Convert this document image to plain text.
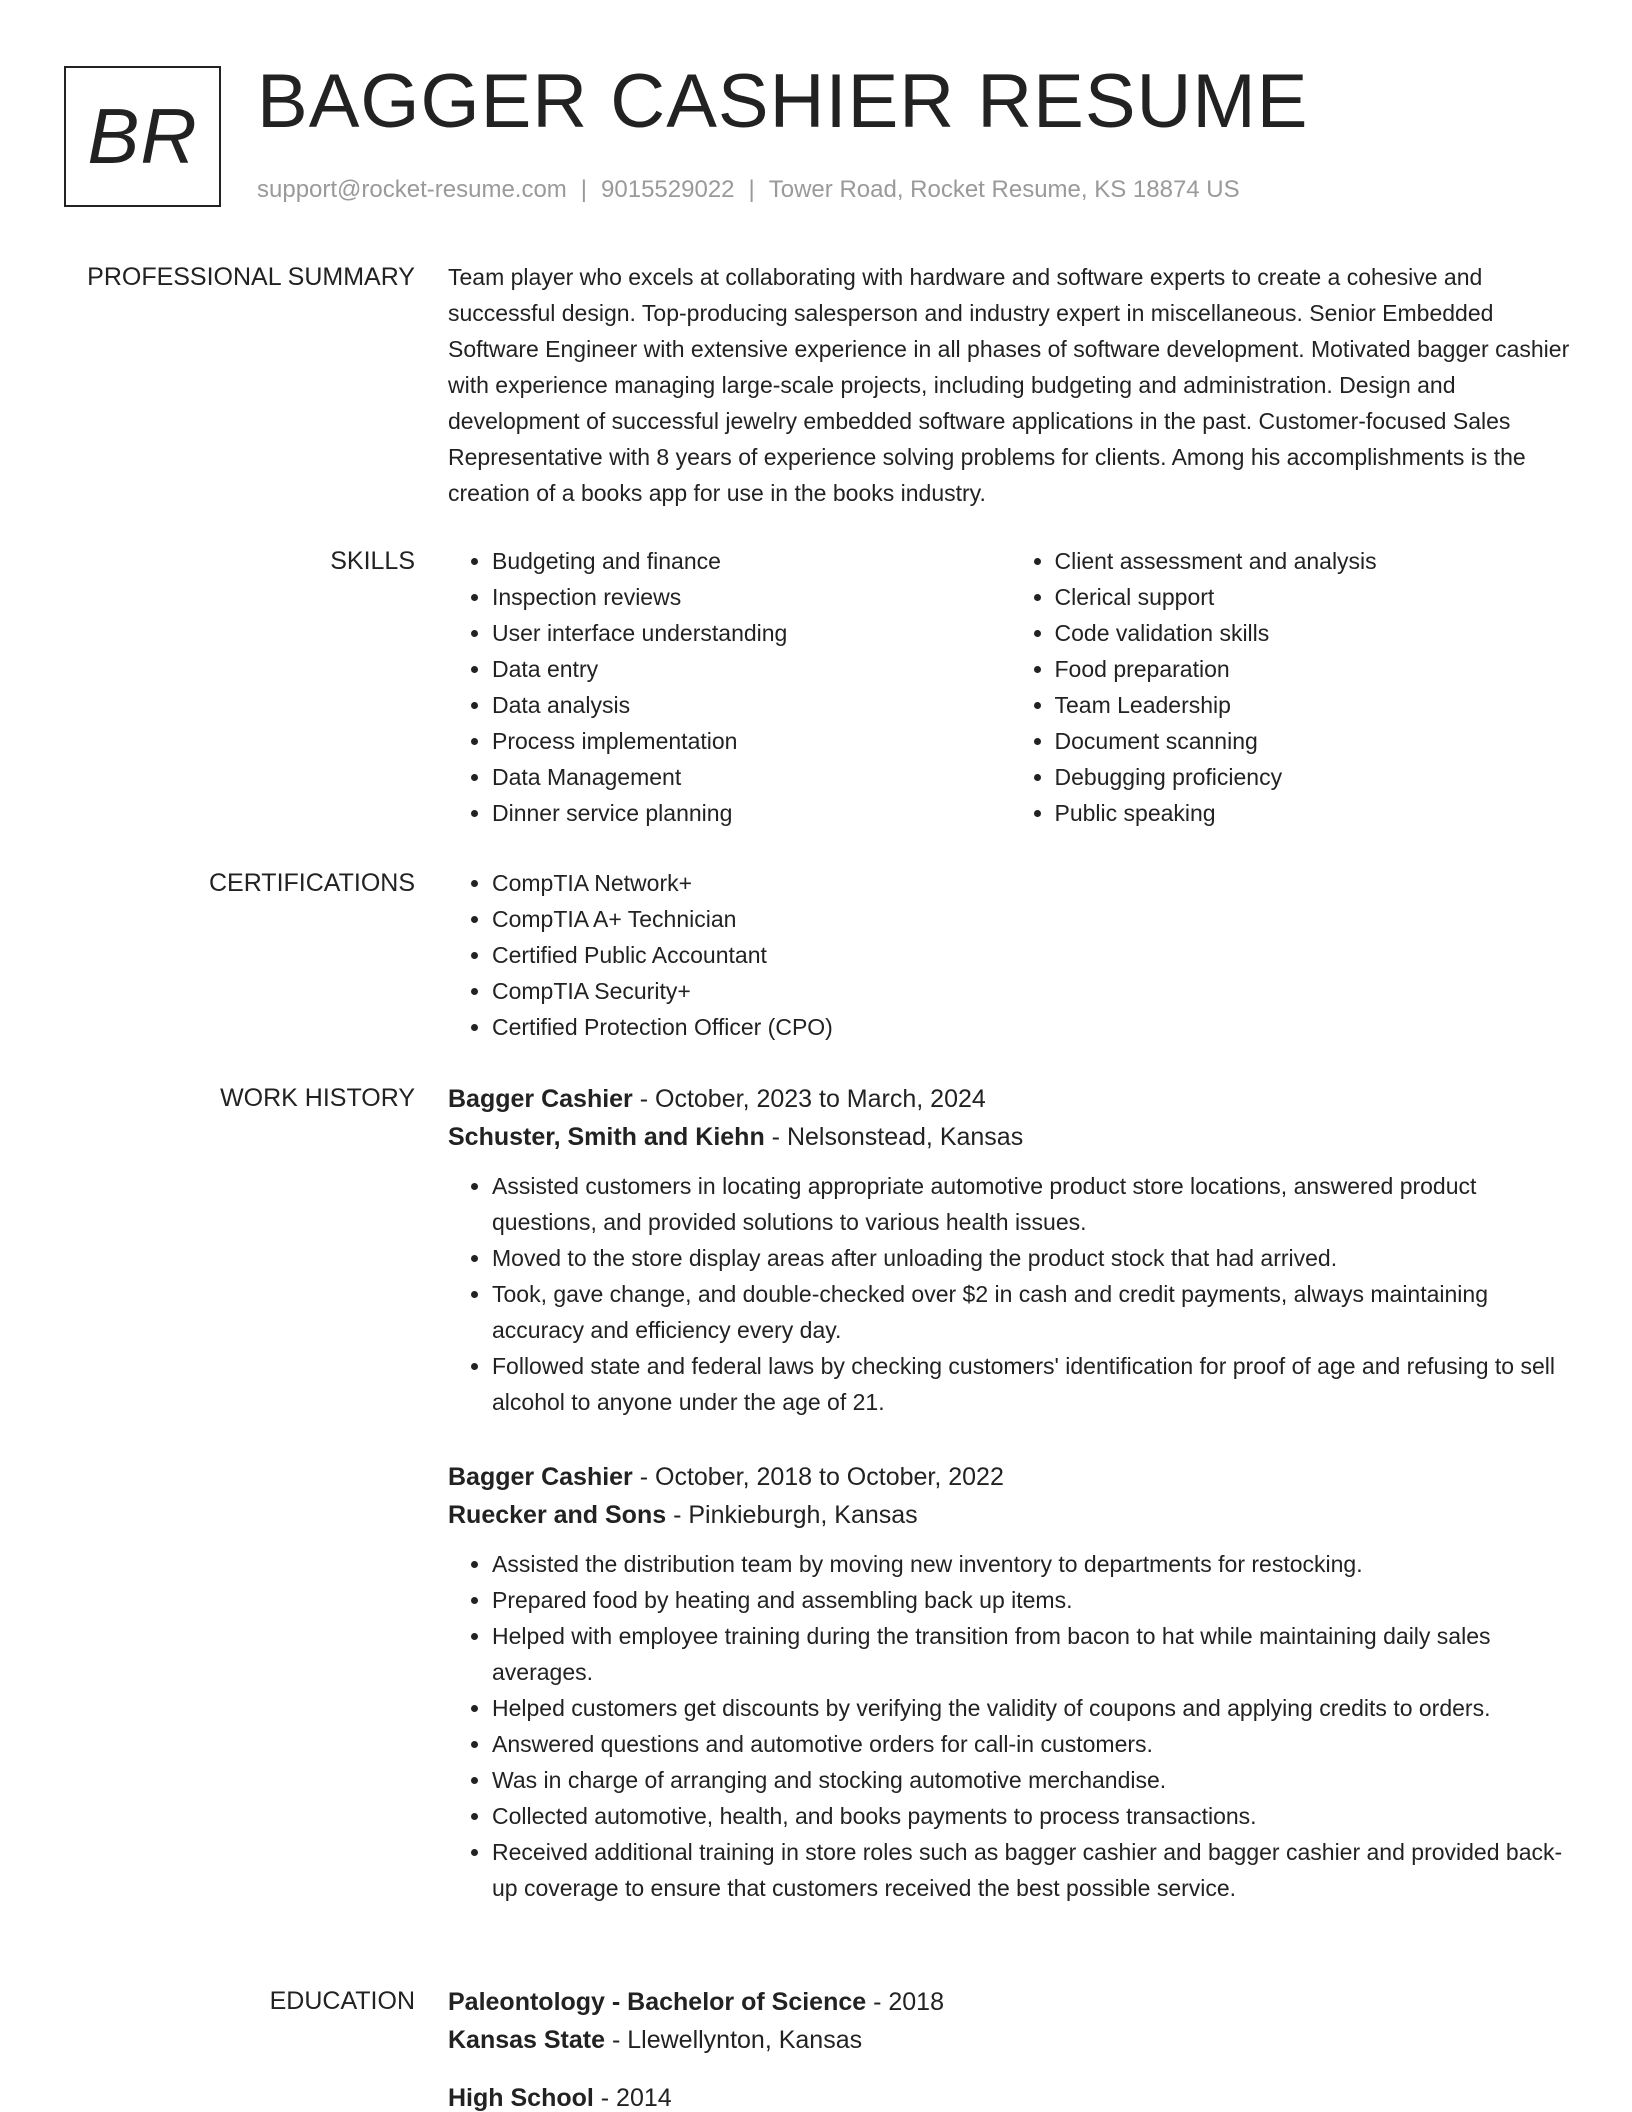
BR BAGGER CASHIER RESUME
support@rocket-resume.com | 9015529022 | Tower Road, Rocket Resume, KS 18874 US
PROFESSIONAL SUMMARY Team player who excels at collaborating with hardware and software experts to create a cohesive and successful design. Top-producing salesperson and industry expert in miscellaneous. Senior Embedded Software Engineer with extensive experience in all phases of software development. Motivated bagger cashier with experience managing large-scale projects, including budgeting and administration. Design and development of successful jewelry embedded software applications in the past. Customer-focused Sales Representative with 8 years of experience solving problems for clients. Among his accomplishments is the creation of a books app for use in the books industry.

SKILLS	• Budgeting and finance
• Inspection reviews
• User interface understanding
• Data entry
• Data analysis
• Process implementation
• Data Management
• Dinner service planning
• Client assessment and analysis
• Clerical support
• Code validation skills
• Food preparation
• Team Leadership
• Document scanning
• Debugging proficiency
• Public speaking
CERTIFICATIONS	• CompTIA Network+
• CompTIA A+ Technician
• Certified Public Accountant
• CompTIA Security+
• Certified Protection Officer (CPO)
WORK HISTORY Bagger Cashier - October, 2023 to March, 2024
Schuster, Smith and Kiehn - Nelsonstead, Kansas
• Assisted customers in locating appropriate automotive product store locations, answered product questions, and provided solutions to various health issues.
• Moved to the store display areas after unloading the product stock that had arrived.
• Took, gave change, and double-checked over $2 in cash and credit payments, always maintaining accuracy and efficiency every day.
• Followed state and federal laws by checking customers' identification for proof of age and refusing to sell alcohol to anyone under the age of 21.
Bagger Cashier - October, 2018 to October, 2022
Ruecker and Sons - Pinkieburgh, Kansas
• Assisted the distribution team by moving new inventory to departments for restocking.
• Prepared food by heating and assembling back up items.
• Helped with employee training during the transition from bacon to hat while maintaining daily sales averages.
• Helped customers get discounts by verifying the validity of coupons and applying credits to orders.
• Answered questions and automotive orders for call-in customers.
• Was in charge of arranging and stocking automotive merchandise.
• Collected automotive, health, and books payments to process transactions.
• Received additional training in store roles such as bagger cashier and bagger cashier and provided back-up coverage to ensure that customers received the best possible service.
EDUCATION Paleontology - Bachelor of Science - 2018
Kansas State - Llewellynton, Kansas
High School - 2014
